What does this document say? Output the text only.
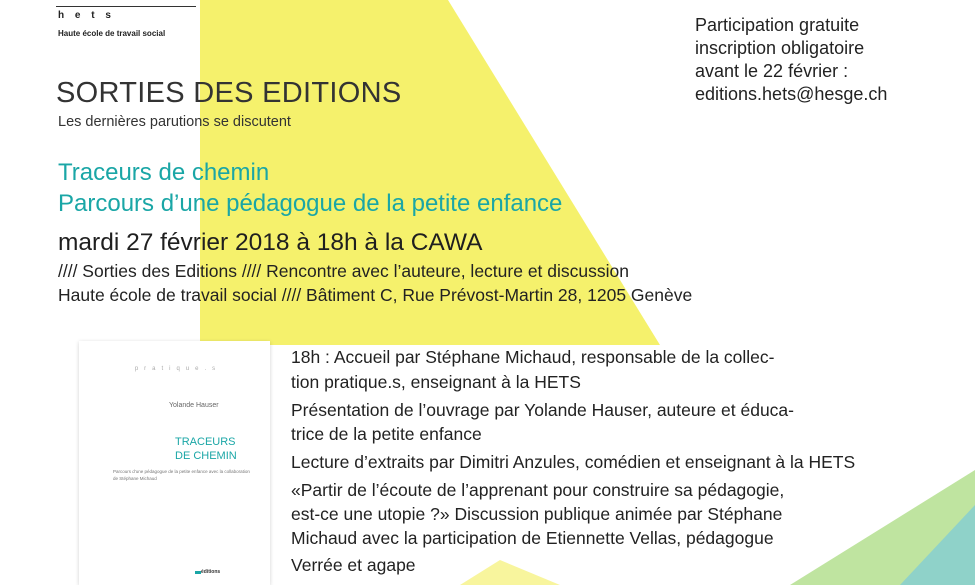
h e t s
Haute école de travail social	Participation gratuite
inscription obligatoire
avant le 22 février :
editions.hets@hesge.ch
SORTIES DES EDITIONS
Les dernières parutions se discutent
Traceurs de chemin
Parcours d’une pédagogue de la petite enfance
mardi 27 février 2018 à 18h à la CAWA
//// Sorties des Editions //// Rencontre avec l’auteure, lecture et discussion
Haute école de travail social //// Bâtiment C, Rue Prévost-Martin 28, 1205 Genève
pratique.s
Yolande Hauser
TRACEURS
DE CHEMIN
Parcours d’une pédagogue de la petite enfance avec la collaboration de Stéphane Michaud
éditions
18h : Accueil par Stéphane Michaud, responsable de la collec-
tion pratique.s, enseignant à la HETS
Présentation de l’ouvrage par Yolande Hauser, auteure et éduca-
trice de la petite enfance
Lecture d’extraits par Dimitri Anzules, comédien et enseignant à la HETS
«Partir de l’écoute de l’apprenant pour construire sa pédagogie,
est-ce une utopie ?» Discussion publique animée par Stéphane
Michaud avec la participation de Etiennette Vellas, pédagogue
Verrée et agape
